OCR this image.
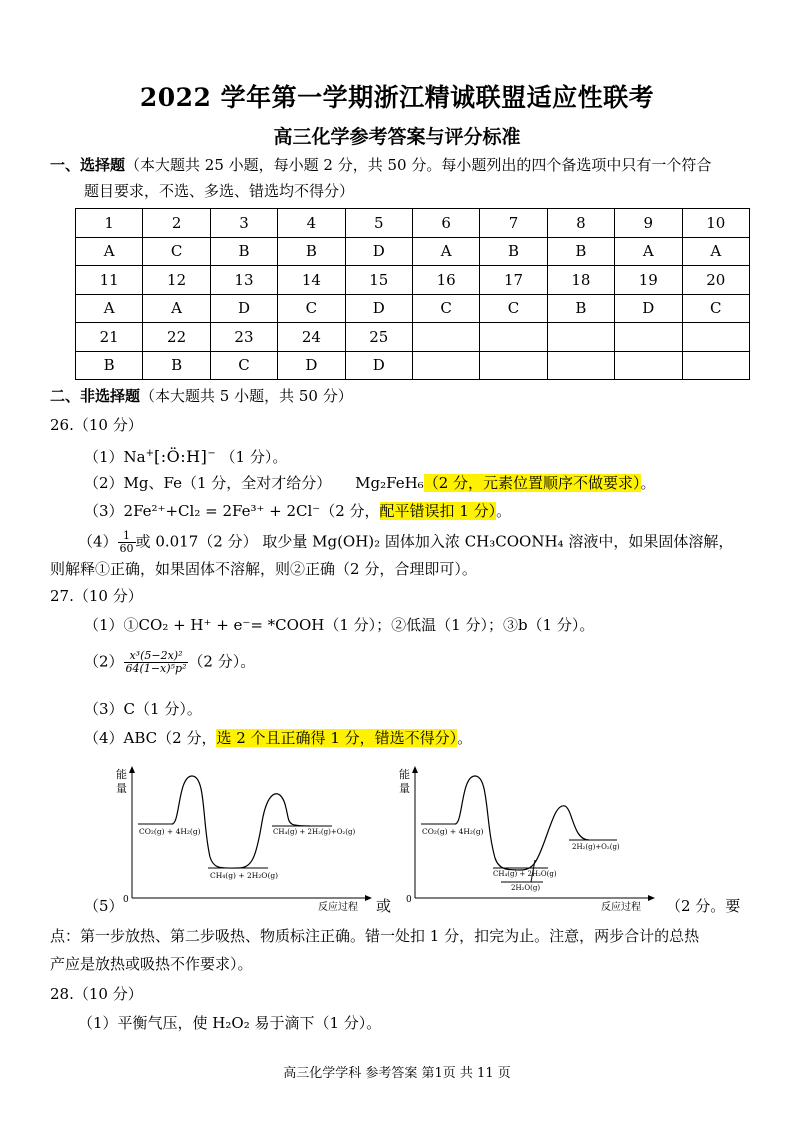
2022 学年第一学期浙江精诚联盟适应性联考
高三化学参考答案与评分标准
一、选择题（本大题共 25 小题，每小题 2 分，共 50 分。每小题列出的四个备选项中只有一个符合
题目要求，不选、多选、错选均不得分）
1	2	3	4	5	6	7	8	9	10
A	C	B	B	D	A	B	B	A	A
11	12	13	14	15	16	17	18	19	20
A	A	D	C	D	C	C	B	D	C
21	22	23	24	25					
B	B	C	D	D					
二、非选择题（本大题共 5 小题，共 50 分）
26.（10 分）
（1）Na+[:Ö:H]− （1 分）。
（2）Mg、Fe（1 分，全对才给分） Mg₂FeH₆（2 分，元素位置顺序不做要求）。
（3）2Fe²⁺+Cl₂ = 2Fe³⁺ + 2Cl⁻（2 分，配平错误扣 1 分）。
$(4) \frac{1}{60}$ 或 0.017（2 分） 取少量 Mg(OH)₂ 固体加入浓 CH₃COONH₄ 溶液中，如果固体溶解，
则解释①正确，如果固体不溶解，则②正确（2 分，合理即可）。
27.（10 分）
（1）①CO₂ + H⁺ + e⁻= *COOH（1 分）；②低温（1 分）；③b（1 分）。
$(2) \frac{\text{x³(5−2x)²}}{\text{64(1−x)⁵p²}} (2$ 分）。
（3）C（1 分）。
（4）ABC（2 分，选 2 个且正确得 1 分，错选不得分）。
能
量
0
反应过程
CO₂(g) + 4H₂(g)
CH₄(g) + 2H₂O(g)
CH₄(g) + 2H₂(g)+O₂(g)
能
量
0
反应过程
CO₂(g) + 4H₂(g)
CH₄(g) + 2H₂O(g)
2H₂O(g)
2H₂(g)+O₂(g)
（5）	或	（2 分。要
点：第一步放热、第二步吸热、物质标注正确。错一处扣 1 分，扣完为止。注意，两步合计的总热
产应是放热或吸热不作要求）。
28.（10 分）
（1）平衡气压，使 H₂O₂ 易于滴下（1 分）。
高三化学学科 参考答案 第1页 共 11 页
